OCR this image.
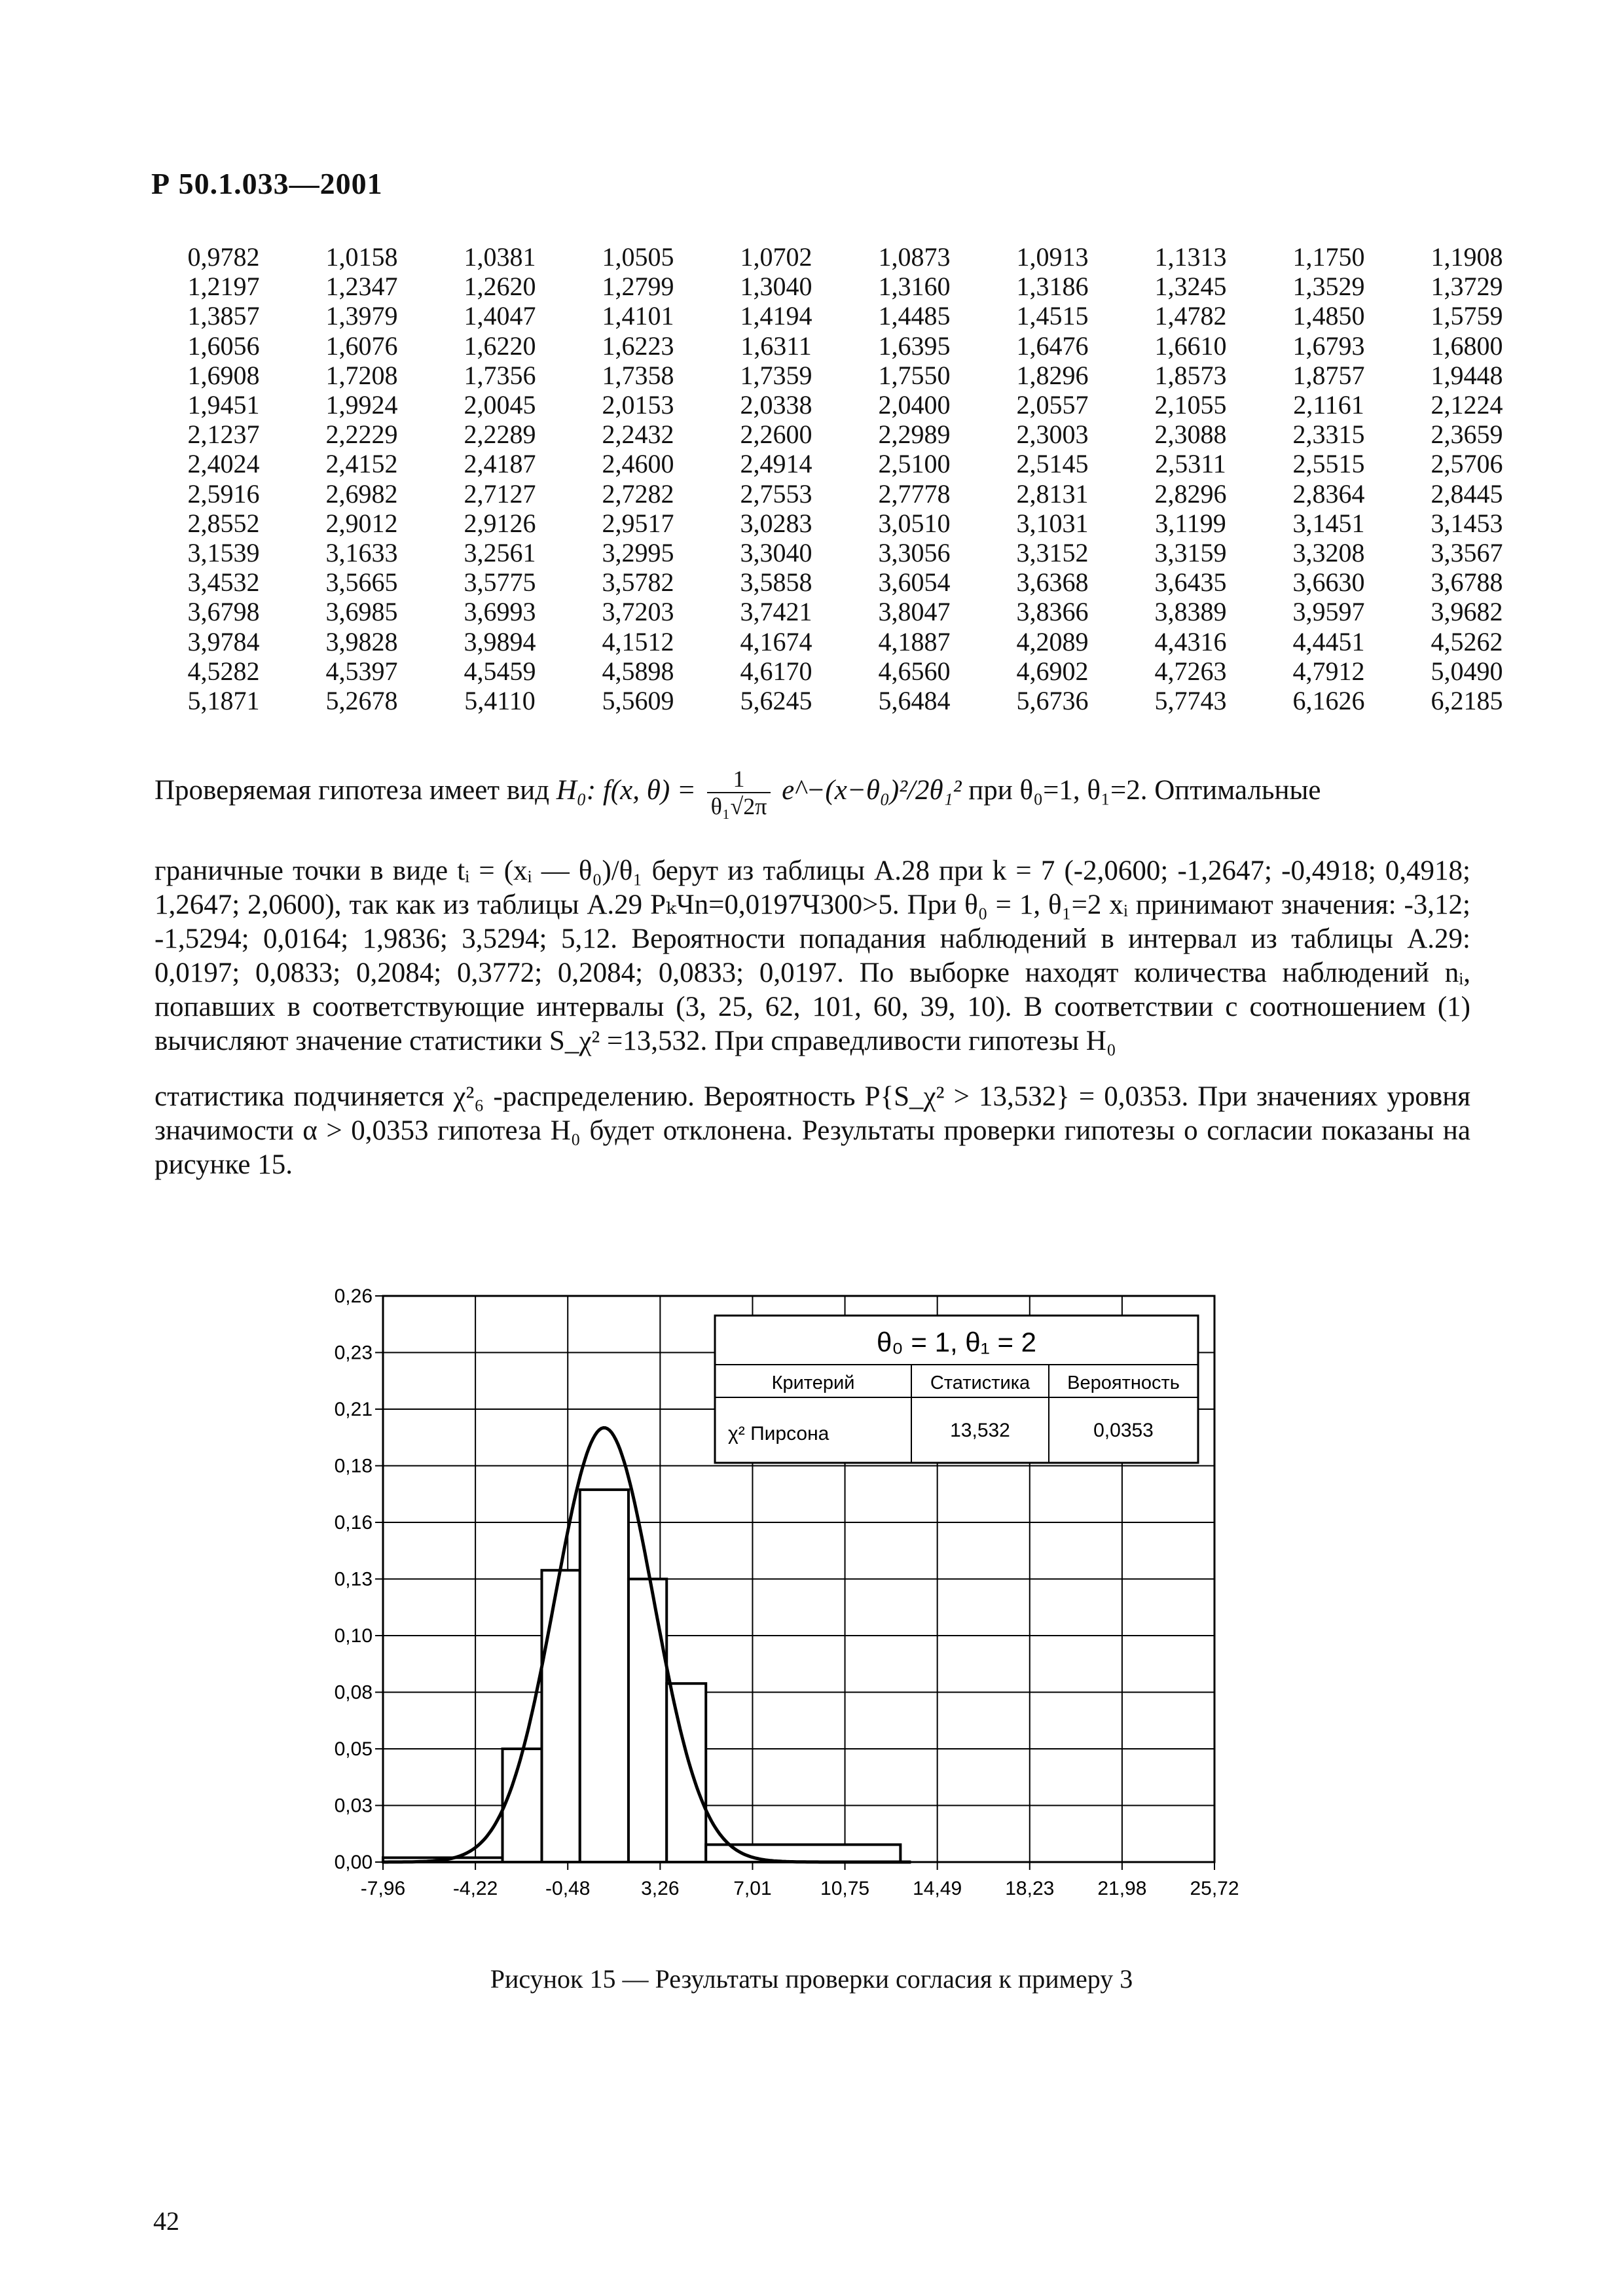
Р 50.1.033—2001
0,9782	1,0158	1,0381	1,0505	1,0702	1,0873	1,0913	1,1313	1,1750	1,1908
1,2197	1,2347	1,2620	1,2799	1,3040	1,3160	1,3186	1,3245	1,3529	1,3729
1,3857	1,3979	1,4047	1,4101	1,4194	1,4485	1,4515	1,4782	1,4850	1,5759
1,6056	1,6076	1,6220	1,6223	1,6311	1,6395	1,6476	1,6610	1,6793	1,6800
1,6908	1,7208	1,7356	1,7358	1,7359	1,7550	1,8296	1,8573	1,8757	1,9448
1,9451	1,9924	2,0045	2,0153	2,0338	2,0400	2,0557	2,1055	2,1161	2,1224
2,1237	2,2229	2,2289	2,2432	2,2600	2,2989	2,3003	2,3088	2,3315	2,3659
2,4024	2,4152	2,4187	2,4600	2,4914	2,5100	2,5145	2,5311	2,5515	2,5706
2,5916	2,6982	2,7127	2,7282	2,7553	2,7778	2,8131	2,8296	2,8364	2,8445
2,8552	2,9012	2,9126	2,9517	3,0283	3,0510	3,1031	3,1199	3,1451	3,1453
3,1539	3,1633	3,2561	3,2995	3,3040	3,3056	3,3152	3,3159	3,3208	3,3567
3,4532	3,5665	3,5775	3,5782	3,5858	3,6054	3,6368	3,6435	3,6630	3,6788
3,6798	3,6985	3,6993	3,7203	3,7421	3,8047	3,8366	3,8389	3,9597	3,9682
3,9784	3,9828	3,9894	4,1512	4,1674	4,1887	4,2089	4,4316	4,4451	4,5262
4,5282	4,5397	4,5459	4,5898	4,6170	4,6560	4,6902	4,7263	4,7912	5,0490
5,1871	5,2678	5,4110	5,5609	5,6245	5,6484	5,6736	5,7743	6,1626	6,2185
Проверяемая гипотеза имеет вид H₀: f(x, $\theta) = \frac{1}{\text{θ₁√2π}}$ e^−(x−θ₀)²/2θ₁² при θ₀=1, θ₁=2. Оптимальные
граничные точки в виде tᵢ = (xᵢ — θ₀)/θ₁ берут из таблицы А.28 при k = 7 (-2,0600; -1,2647; -0,4918; 0,4918; 1,2647; 2,0600), так как из таблицы А.29 PₖЧn=0,0197Ч300>5. При θ₀ = 1, θ₁=2 xᵢ принимают значения: -3,12; -1,5294; 0,0164; 1,9836; 3,5294; 5,12. Вероятности попадания наблюдений в интервал из таблицы А.29: 0,0197; 0,0833; 0,2084; 0,3772; 0,2084; 0,0833; 0,0197. По выборке находят количества наблюдений nᵢ, попавших в соответствующие интервалы (3, 25, 62, 101, 60, 39, 10). В соответствии с соотношением (1) вычисляют значение статистики S_χ² =13,532. При справедливости гипотезы H₀
статистика подчиняется χ²₆ -распределению. Вероятность P{S_χ² > 13,532} = 0,0353. При значениях уровня значимости α > 0,0353 гипотеза H₀ будет отклонена. Результаты проверки гипотезы о согласии показаны на рисунке 15.
-7,96 -4,22 -0,48	3,26	7,01 10,75 14,49 18,23 21,98 25,72
0,00
0,03
0,05
0,08
0,10
0,13
0,16
0,18
0,21
0,23
0,26
θ₀ = 1, θ₁ = 2
Критерий	Статистика Вероятность
χ² Пирсона	13,532	0,0353
Рисунок 15 — Результаты проверки согласия к примеру 3
42
